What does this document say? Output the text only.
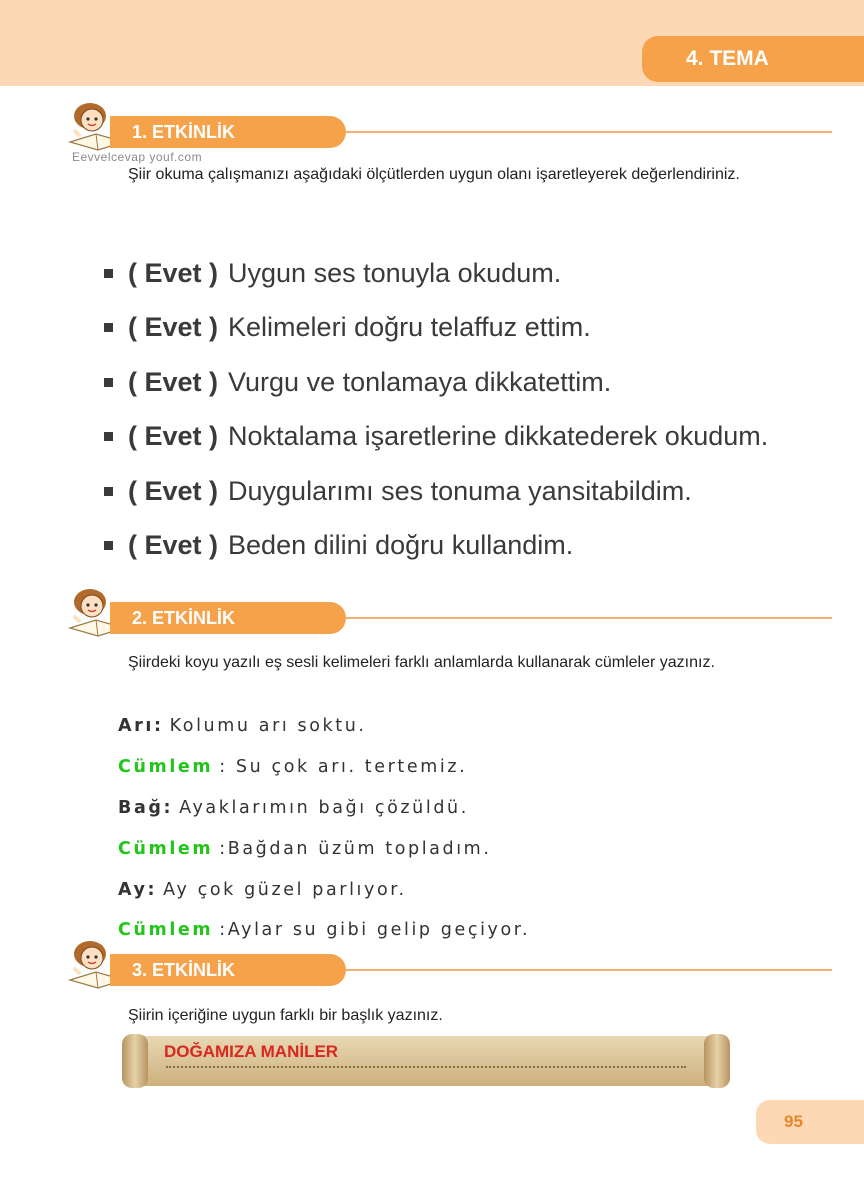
4. TEMA
1. ETKİNLİK
Eevvelcevap youf.com

Şiir okuma çalışmanızı aşağıdaki ölçütlerden uygun olanı işaretleyerek değerlendiriniz.

( Evet ) Uygun ses tonuyla okudum.
( Evet ) Kelimeleri doğru telaffuz ettim.
( Evet ) Vurgu ve tonlamaya dikkatettim.
( Evet ) Noktalama işaretlerine dikkatederek okudum.
( Evet ) Duygularımı ses tonuma yansitabildim.
( Evet ) Beden dilini doğru kullandim.
2. ETKİNLİK

Şiirdeki koyu yazılı eş sesli kelimeleri farklı anlamlarda kullanarak cümleler yazınız.

Arı: Kolumu arı soktu.
Cümlem : Su çok arı. tertemiz.
Bağ: Ayaklarımın bağı çözüldü.
Cümlem :Bağdan üzüm topladım.
Ay: Ay çok güzel parlıyor.
Cümlem :Aylar su gibi gelip geçiyor.
3. ETKİNLİK

Şiirin içeriğine uygun farklı bir başlık yazınız.

DOĞAMIZA MANİLER
95
